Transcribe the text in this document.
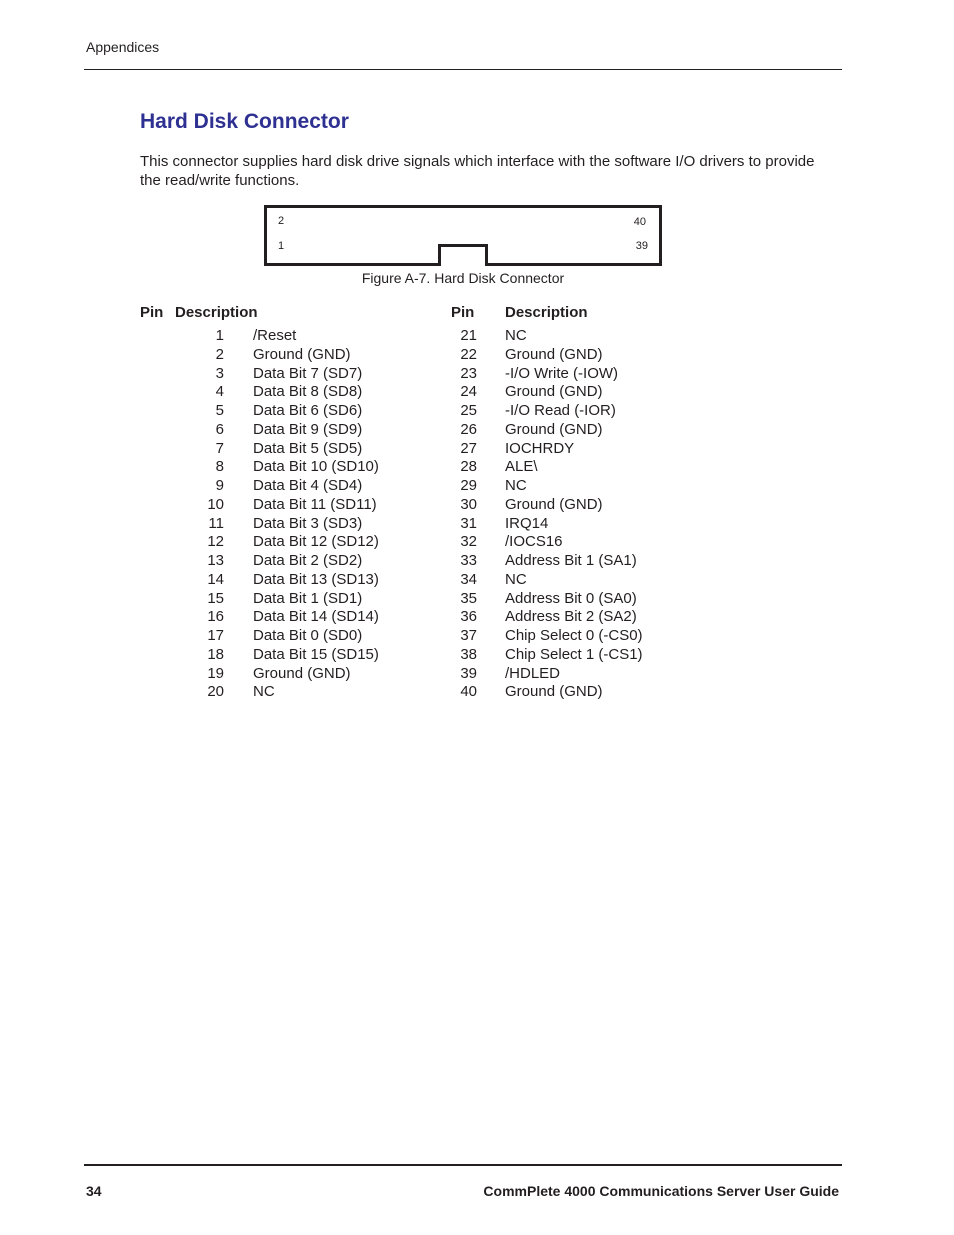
Appendices
Hard Disk Connector

This connector supplies hard disk drive signals which interface with the software I/O drivers to provide the read/write functions.

2
1
40
39
Figure A-7. Hard Disk Connector
Pin Description	Pin Description
1 /Reset
2 Ground (GND)
3 Data Bit 7 (SD7)
4 Data Bit 8 (SD8)
5 Data Bit 6 (SD6)
6 Data Bit 9 (SD9)
7 Data Bit 5 (SD5)
8 Data Bit 10 (SD10)
9 Data Bit 4 (SD4)
10 Data Bit 11 (SD11)
11 Data Bit 3 (SD3)
12 Data Bit 12 (SD12)
13 Data Bit 2 (SD2)
14 Data Bit 13 (SD13)
15 Data Bit 1 (SD1)
16 Data Bit 14 (SD14)
17 Data Bit 0 (SD0)
18 Data Bit 15 (SD15)
19 Ground (GND)
20 NC
21 NC
22 Ground (GND)
23 -I/O Write (-IOW)
24 Ground (GND)
25 -I/O Read (-IOR)
26 Ground (GND)
27 IOCHRDY
28 ALE\
29 NC
30 Ground (GND)
31 IRQ14
32 /IOCS16
33 Address Bit 1 (SA1)
34 NC
35 Address Bit 0 (SA0)
36 Address Bit 2 (SA2)
37 Chip Select 0 (-CS0)
38 Chip Select 1 (-CS1)
39 /HDLED
40 Ground (GND)
34	CommPlete 4000 Communications Server User Guide
